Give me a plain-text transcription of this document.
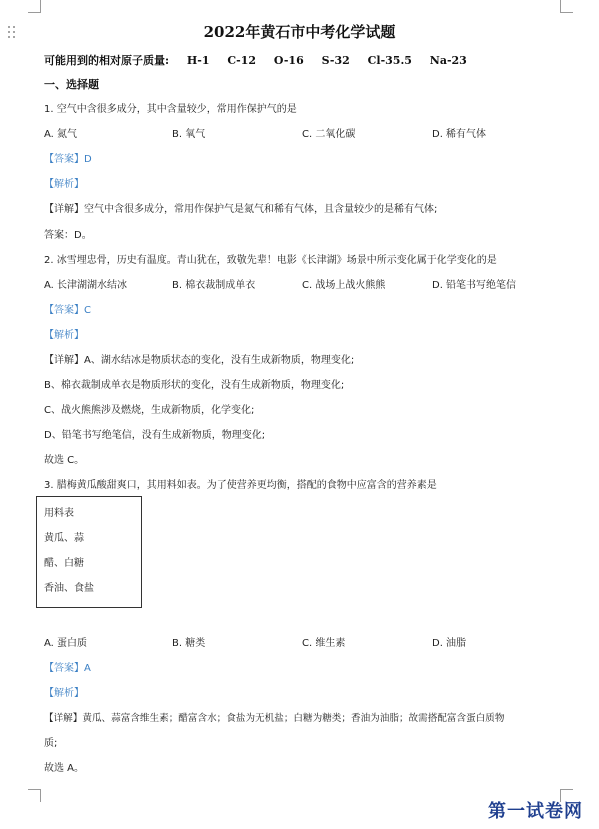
2022年黄石市中考化学试题
可能用到的相对原子质量: H-1 C-12 O-16 S-32 Cl-35.5 Na-23
一、选择题
1. 空气中含很多成分，其中含量较少，常用作保护气的是
A. 氮气	B. 氧气	C. 二氧化碳	D. 稀有气体
【答案】D
【解析】
【详解】空气中含很多成分，常用作保护气是氮气和稀有气体，且含量较少的是稀有气体;
答案：D。
2. 冰雪埋忠骨，历史有温度。青山犹在，致敬先辈！电影《长津湖》场景中所示变化属于化学变化的是
A. 长津湖湖水结冰	B. 棉衣裁制成单衣	C. 战场上战火熊熊	D. 铅笔书写绝笔信
【答案】C
【解析】
【详解】A、湖水结冰是物质状态的变化，没有生成新物质，物理变化;
B、棉衣裁制成单衣是物质形状的变化，没有生成新物质，物理变化;
C、战火熊熊涉及燃烧，生成新物质，化学变化;
D、铅笔书写绝笔信，没有生成新物质，物理变化;
故选 C。
3. 腊梅黄瓜酸甜爽口，其用料如表。为了使营养更均衡，搭配的食物中应富含的营养素是
用料表
黄瓜、蒜
醋、白糖
香油、食盐
A. 蛋白质	B. 糖类	C. 维生素	D. 油脂
【答案】A
【解析】
【详解】黄瓜、蒜富含维生素；醋富含水；食盐为无机盐；白糖为糖类；香油为油脂；故需搭配富含蛋白质物
质;
故选 A。
第一试卷网
